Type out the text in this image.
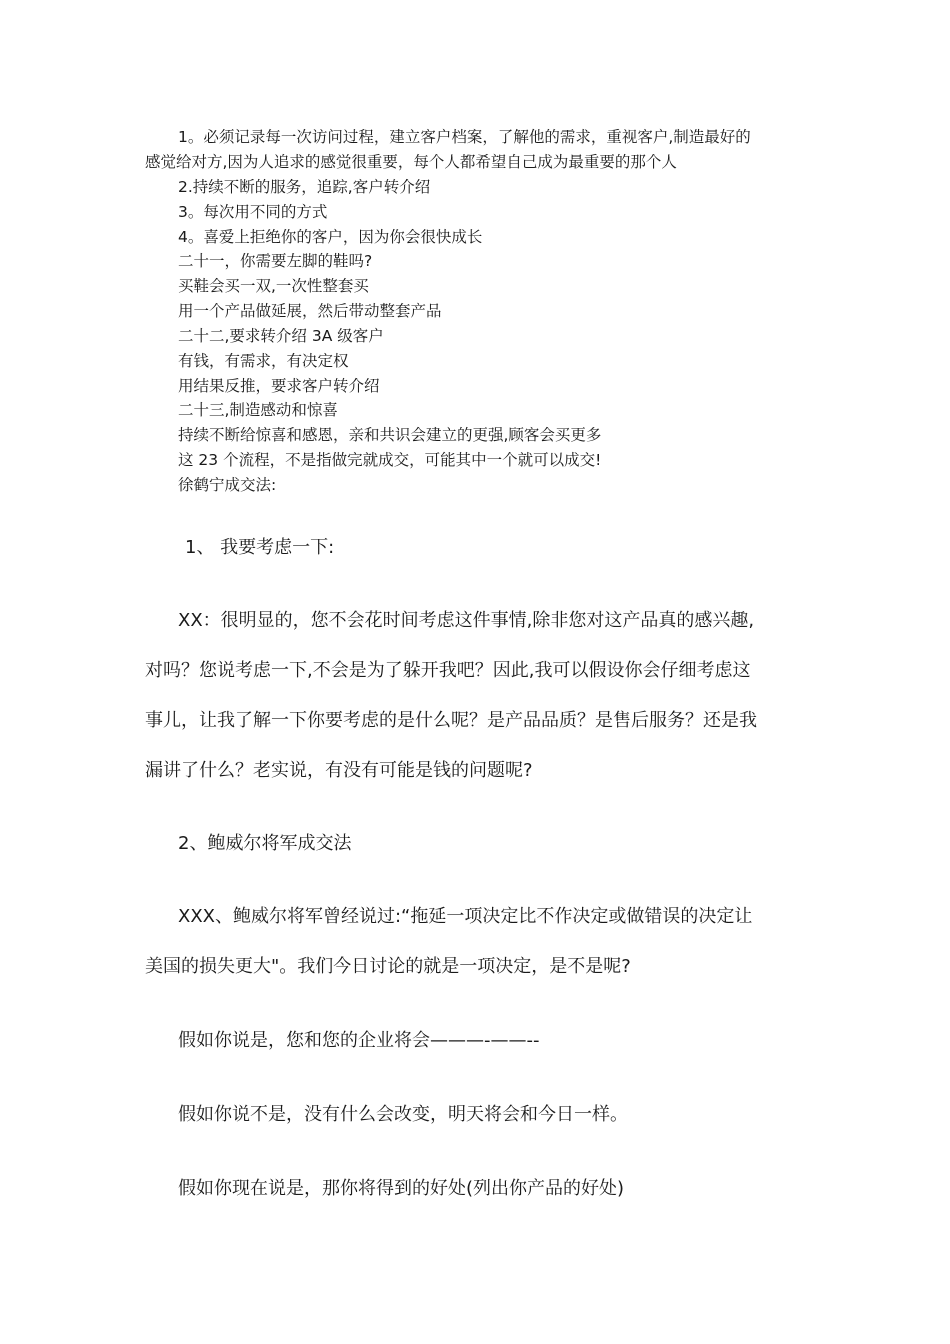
1。必须记录每一次访问过程，建立客户档案，了解他的需求，重视客户,制造最好的

感觉给对方,因为人追求的感觉很重要，每个人都希望自己成为最重要的那个人

2.持续不断的服务，追踪,客户转介绍

3。每次用不同的方式

4。喜爱上拒绝你的客户，因为你会很快成长

二十一，你需要左脚的鞋吗?

买鞋会买一双,一次性整套买

用一个产品做延展，然后带动整套产品

二十二,要求转介绍 3A 级客户

有钱，有需求，有决定权

用结果反推，要求客户转介绍

二十三,制造感动和惊喜

持续不断给惊喜和感恩，亲和共识会建立的更强,顾客会买更多

这 23 个流程，不是指做完就成交，可能其中一个就可以成交!

徐鹤宁成交法:

1、 我要考虑一下:

XX：很明显的，您不会花时间考虑这件事情,除非您对这产品真的感兴趣,

对吗？您说考虑一下,不会是为了躲开我吧？因此,我可以假设你会仔细考虑这

事儿，让我了解一下你要考虑的是什么呢？是产品品质？是售后服务？还是我

漏讲了什么？老实说，有没有可能是钱的问题呢?

2、鲍威尔将军成交法

XXX、鲍威尔将军曾经说过:“拖延一项决定比不作决定或做错误的决定让

美国的损失更大"。我们今日讨论的就是一项决定，是不是呢?

假如你说是，您和您的企业将会———-——--

假如你说不是，没有什么会改变，明天将会和今日一样。

假如你现在说是，那你将得到的好处(列出你产品的好处)
